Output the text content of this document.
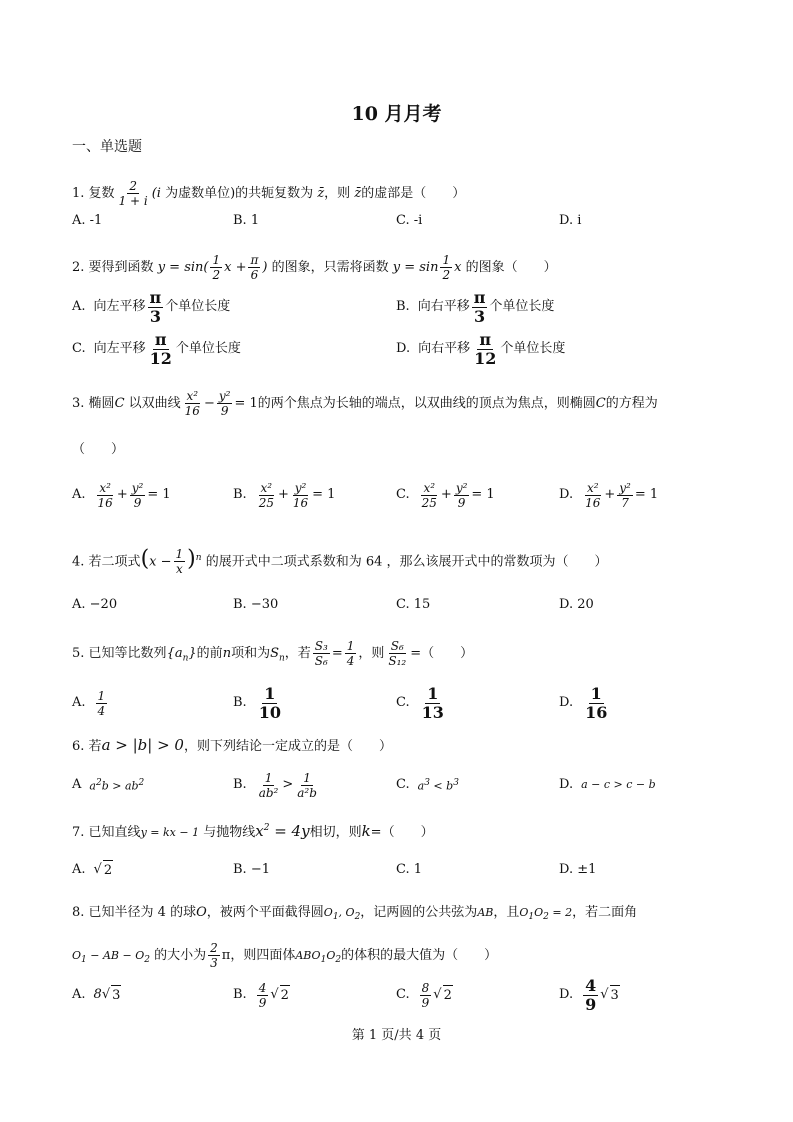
10 月月考
一、单选题
1. 复数 $\frac{2}{1 + i} (i$ 为虚数单位)的共轭复数为 z̄，则 z̄的虚部是（　　）
A. -1	B. 1	C. -i	D. i
2. 要得到函数 $y = \sin( \frac{1}{2}$ $x + \frac{\pi}{6}$ ) 的图象，只需将函数 $y = \sin \frac{1}{2}$ x 的图象（　　）
A. 向左平移 $\frac{\pi}{3}$ 个单位长度	B. 向右平移 $\frac{\pi}{3}$ 个单位长度
C. 向左平移 $\frac{\pi}{12}$ 个单位长度	D. 向右平移 $\frac{\pi}{12}$ 个单位长度
3. 椭圆C 以双曲线 $\frac{\text{x²}}{16} - \frac{\text{y²}}{9} = 1$的两个焦点为长轴的端点，以双曲线的顶点为焦点，则椭圆C的方程为
（　　）
A. $\frac{\text{x²}}{16} + \frac{\text{y²}}{9} = 1$	B. $\frac{\text{x²}}{25} + \frac{\text{y²}}{16} = 1$	C. $\frac{\text{x²}}{25} + \frac{\text{y²}}{9} = 1$	D. $\frac{\text{x²}}{16} + \frac{\text{y²}}{7} = 1$
4. 若二项式$(x - \frac{1}{x} )^n$ 的展开式中二项式系数和为 64 ，那么该展开式中的常数项为（　　）
A. −20	B. −30	C. 15	D. 20
5. 已知等比数列$\{a_n\}$的前n项和为$S_n$，若 $\frac{\text{S₃}}{\text{S₆}} = \frac{1}{4}$ ，则 $\frac{\text{S₆}}{\text{S₁₂}}$ =（　　）
A. $\frac{1}{4}$	B. $\frac{1}{10}$	C. $\frac{1}{13}$	D. $\frac{1}{16}$
6. 若a > |b| > 0，则下列结论一定成立的是（　　）
A $a^2b > ab^2$	B. $\frac{1}{\text{ab²}} > \frac{1}{\text{a²b}}$	C. $a^3 < b^3$	D. a − c > c − b
7. 已知直线y = kx − 1 与抛物线$x^2 = 4y$相切，则k=（　　）
A. √ 2	B. −1	C. 1	D. ±1
8. 已知半径为 4 的球O，被两个平面截得圆$O_1$, $O_2$，记两圆的公共弦为AB，且$O_1O_2 = 2$，若二面角
$O_1$ − AB − $O_2$ 的大小为 $\frac{2}{3}$ π，则四面体$ABO_1O_2$的体积的最大值为（　　）
A. 8 √ 3	B. $\frac{4}{9}$ √ 2	C. $\frac{8}{9}$ √ 2	D. $\frac{4}{9}$ √ 3
第 1 页/共 4 页
